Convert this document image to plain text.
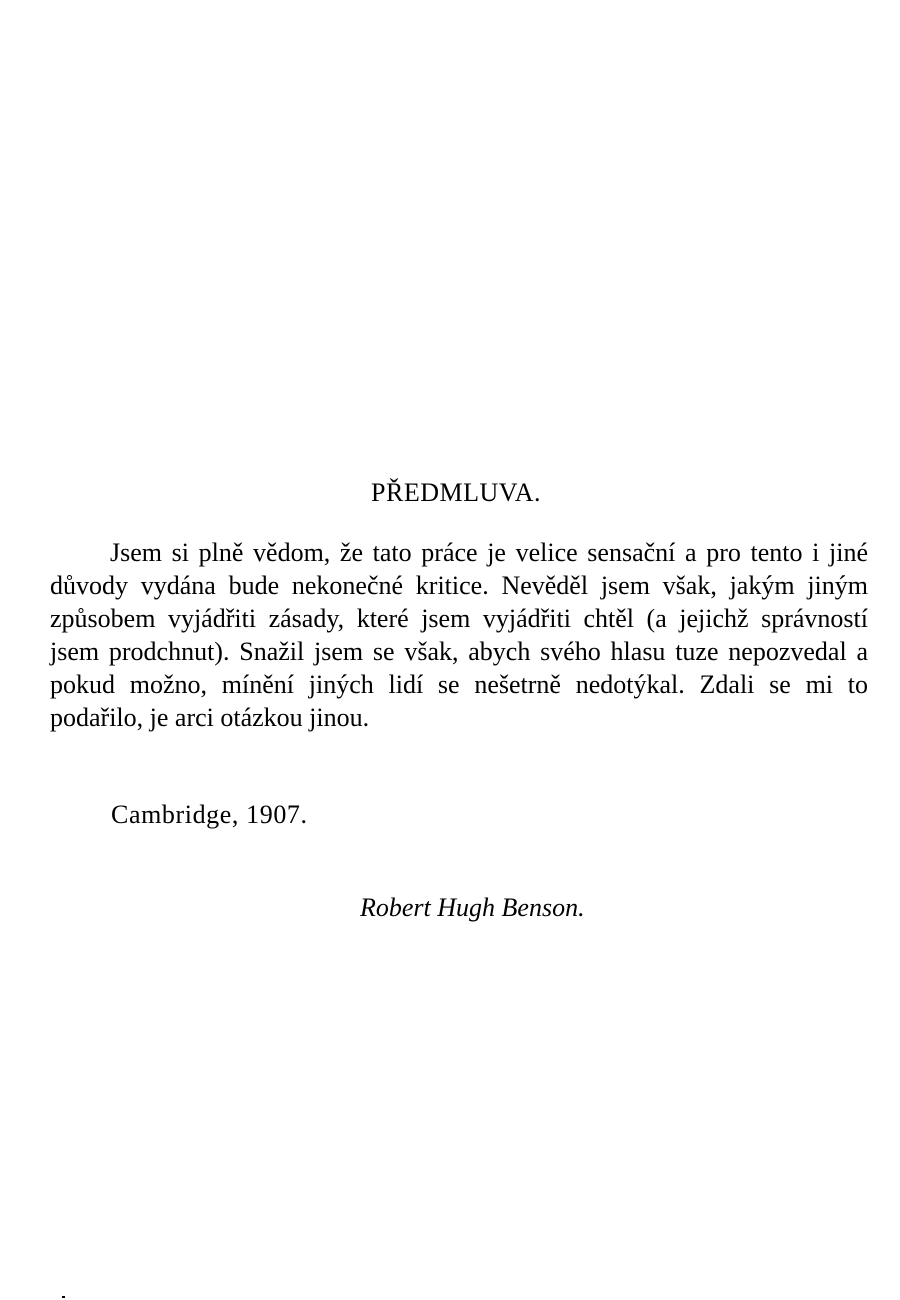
PŘEDMLUVA.

Jsem si plně vědom, že tato práce je velice sensační a pro tento i jiné důvody vydána bude nekonečné kritice. Nevěděl jsem však, jakým jiným způsobem vyjádřiti zásady, které jsem vyjádřiti chtěl (a jejichž správností jsem prodchnut). Snažil jsem se však, abych svého hlasu tuze nepozvedal a pokud možno, mínění jiných lidí se nešetrně nedotýkal. Zdali se mi to podařilo, je arci otázkou jinou.

Cambridge, 1907.

Robert Hugh Benson.
